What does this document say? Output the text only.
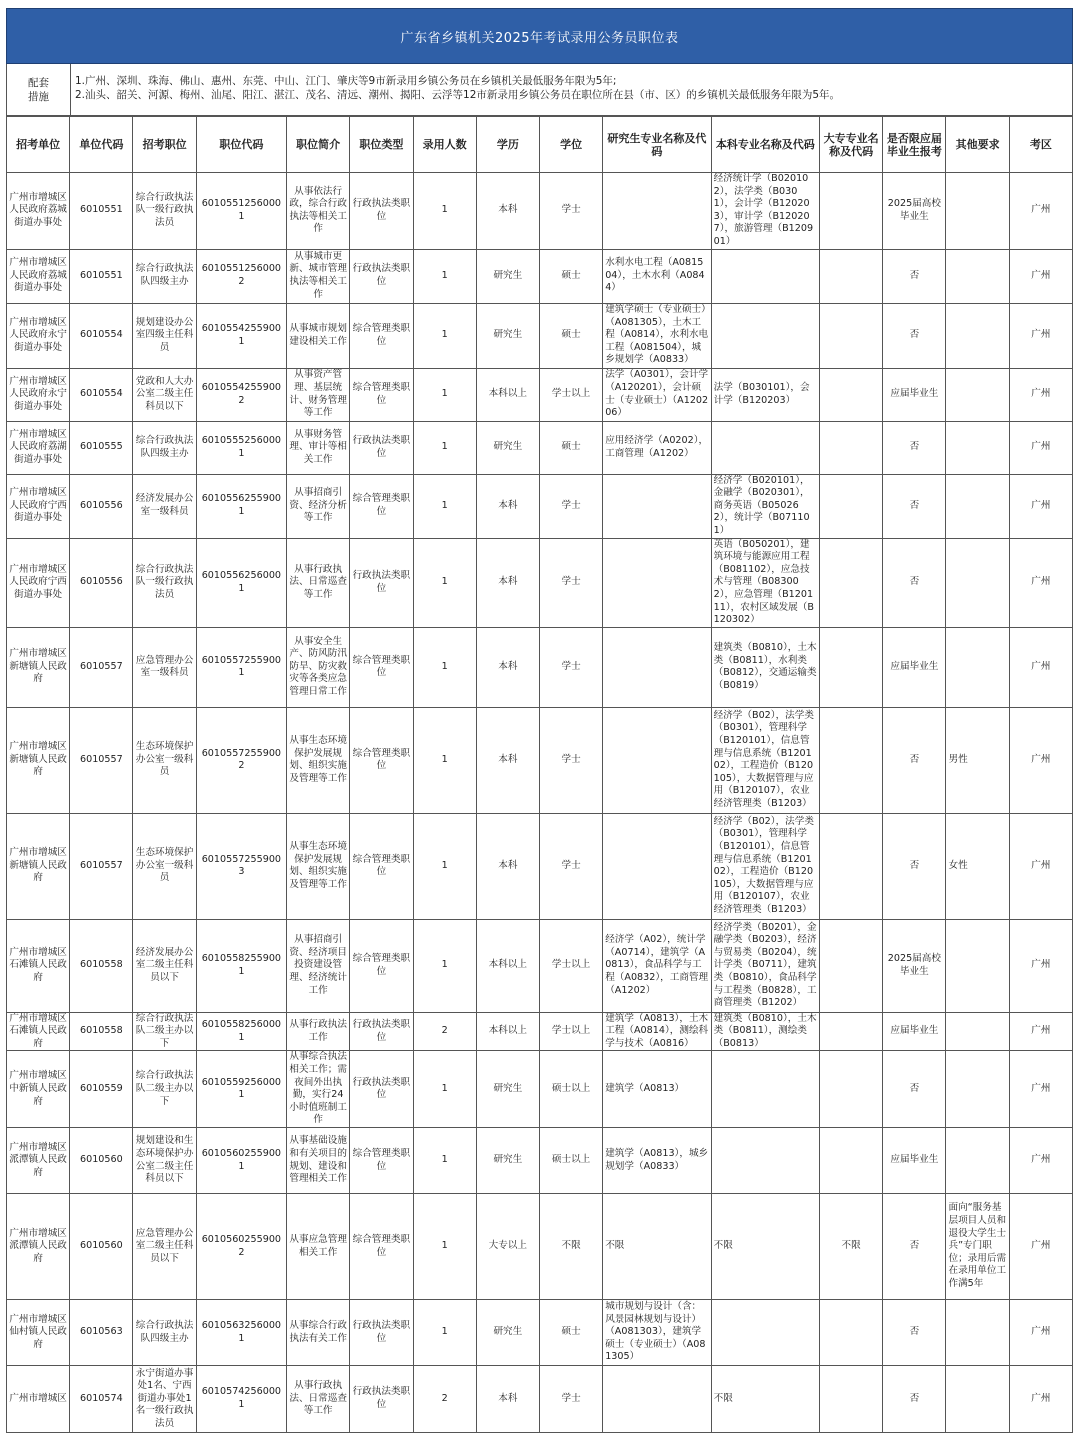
广东省乡镇机关2025年考试录用公务员职位表
配套
措施
1.广州、深圳、珠海、佛山、惠州、东莞、中山、江门、肇庆等9市新录用乡镇公务员在乡镇机关最低服务年限为5年;
2.汕头、韶关、河源、梅州、汕尾、阳江、湛江、茂名、清远、潮州、揭阳、云浮等12市新录用乡镇公务员在职位所在县（市、区）的乡镇机关最低服务年限为5年。
招考单位	单位代码	招考职位	职位代码	职位简介	职位类型	录用人数	学历	学位	研究生专业名称及代码	本科专业名称及代码	大专专业名称及代码	是否限应届毕业生报考	其他要求	考区
广州市增城区人民政府荔城街道办事处	6010551	综合行政执法队一级行政执法员	60105512560001	从事依法行政，综合行政执法等相关工作	行政执法类职位	1	本科	学士		经济统计学（B020102），法学类（B0301），会计学（B120203），审计学（B120207），旅游管理（B120901）		2025届高校毕业生		广州
广州市增城区人民政府荔城街道办事处	6010551	综合行政执法队四级主办	60105512560002	从事城市更新、城市管理执法等相关工作	行政执法类职位	1	研究生	硕士	水利水电工程（A081504），土木水利（A0844）			否		广州
广州市增城区人民政府永宁街道办事处	6010554	规划建设办公室四级主任科员	60105542559001	从事城市规划建设相关工作	综合管理类职位	1	研究生	硕士	建筑学硕士（专业硕士）（A081305），土木工程（A0814），水利水电工程（A081504），城乡规划学（A0833）			否		广州
广州市增城区人民政府永宁街道办事处	6010554	党政和人大办公室二级主任科员以下	60105542559002	从事资产管理、基层统计、财务管理等工作	综合管理类职位	1	本科以上	学士以上	法学（A0301），会计学（A120201），会计硕士（专业硕士）（A120206）	法学（B030101），会计学（B120203）		应届毕业生		广州
广州市增城区人民政府荔湖街道办事处	6010555	综合行政执法队四级主办	60105552560001	从事财务管理、审计等相关工作	行政执法类职位	1	研究生	硕士	应用经济学（A0202），工商管理（A1202）			否		广州
广州市增城区人民政府宁西街道办事处	6010556	经济发展办公室一级科员	60105562559001	从事招商引资、经济分析等工作	综合管理类职位	1	本科	学士		经济学（B020101），金融学（B020301），商务英语（B050262），统计学（B071101）		否		广州
广州市增城区人民政府宁西街道办事处	6010556	综合行政执法队一级行政执法员	60105562560001	从事行政执法、日常巡查等工作	行政执法类职位	1	本科	学士		英语（B050201），建筑环境与能源应用工程（B081102），应急技术与管理（B083002），应急管理（B120111），农村区域发展（B120302）		否		广州
广州市增城区新塘镇人民政府	6010557	应急管理办公室一级科员	60105572559001	从事安全生产、防风防汛防旱、防灾救灾等各类应急管理日常工作	综合管理类职位	1	本科	学士		建筑类（B0810），土木类（B0811），水利类（B0812），交通运输类（B0819）		应届毕业生		广州
广州市增城区新塘镇人民政府	6010557	生态环境保护办公室一级科员	60105572559002	从事生态环境保护发展规划、组织实施及管理等工作	综合管理类职位	1	本科	学士		经济学（B02），法学类（B0301），管理科学（B120101），信息管理与信息系统（B120102），工程造价（B120105），大数据管理与应用（B120107），农业经济管理类（B1203）		否	男性	广州
广州市增城区新塘镇人民政府	6010557	生态环境保护办公室一级科员	60105572559003	从事生态环境保护发展规划、组织实施及管理等工作	综合管理类职位	1	本科	学士		经济学（B02），法学类（B0301），管理科学（B120101），信息管理与信息系统（B120102），工程造价（B120105），大数据管理与应用（B120107），农业经济管理类（B1203）		否	女性	广州
广州市增城区石滩镇人民政府	6010558	经济发展办公室二级主任科员以下	60105582559001	从事招商引资、经济项目投资建设管理、经济统计工作	综合管理类职位	1	本科以上	学士以上	经济学（A02），统计学（A0714），建筑学（A0813），食品科学与工程（A0832），工商管理（A1202）	经济学类（B0201），金融学类（B0203），经济与贸易类（B0204），统计学类（B0711），建筑类（B0810），食品科学与工程类（B0828），工商管理类（B1202）		2025届高校毕业生		广州
广州市增城区石滩镇人民政府	6010558	综合行政执法队二级主办以下	60105582560001	从事行政执法工作	行政执法类职位	2	本科以上	学士以上	建筑学（A0813），土木工程（A0814），测绘科学与技术（A0816）	建筑类（B0810），土木类（B0811），测绘类（B0813）		应届毕业生		广州
广州市增城区中新镇人民政府	6010559	综合行政执法队二级主办以下	60105592560001	从事综合执法相关工作；需夜间外出执勤，实行24小时值班制工作	行政执法类职位	1	研究生	硕士以上	建筑学（A0813）			否		广州
广州市增城区派潭镇人民政府	6010560	规划建设和生态环境保护办公室二级主任科员以下	60105602559001	从事基础设施和有关项目的规划、建设和管理相关工作	综合管理类职位	1	研究生	硕士以上	建筑学（A0813），城乡规划学（A0833）			应届毕业生		广州
广州市增城区派潭镇人民政府	6010560	应急管理办公室二级主任科员以下	60105602559002	从事应急管理相关工作	综合管理类职位	1	大专以上	不限	不限	不限	不限	否	面向“服务基层项目人员和退役大学生士兵”专门职位；录用后需在录用单位工作满5年	广州
广州市增城区仙村镇人民政府	6010563	综合行政执法队四级主办	60105632560001	从事综合行政执法有关工作	行政执法类职位	1	研究生	硕士	城市规划与设计（含：风景园林规划与设计）（A081303），建筑学硕士（专业硕士）（A081305）			否		广州
广州市增城区	6010574	永宁街道办事处1名、宁西街道办事处1名一级行政执法员	60105742560001	从事行政执法、日常巡查等工作	行政执法类职位	2	本科	学士		不限		否		广州
